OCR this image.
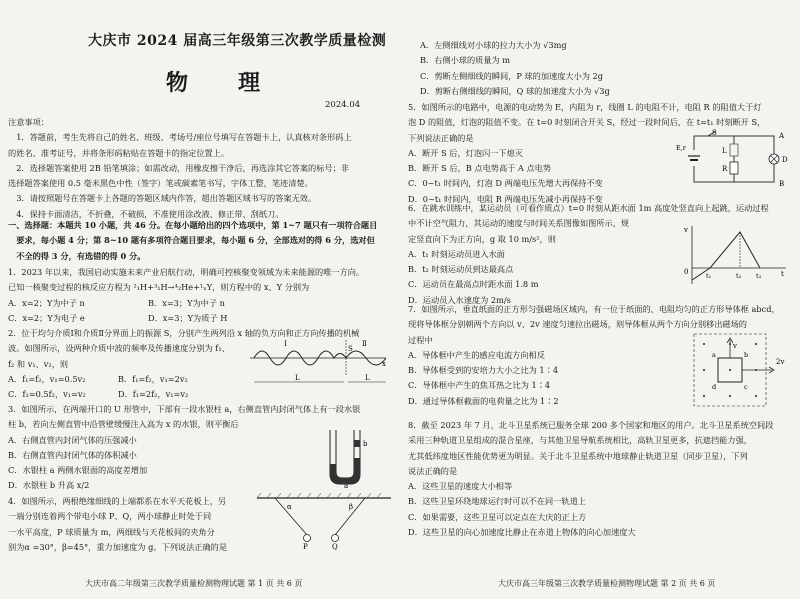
大庆市 2024 届高三年级第三次教学质量检测
物　理
2024.04
注意事项：
　1．答题前，考生先将自己的姓名、班级、考场号/座位号填写在答题卡上，认真核对条形码上
的姓名、准考证号，并将条形码粘贴在答题卡的指定位置上。
　2．选择题答案使用 2B 铅笔填涂；如需改动，用橡皮擦干净后，再选涂其它答案的标号；非
选择题答案使用 0.5 毫米黑色中性（签字）笔或碳素笔书写，字体工整，笔迹清楚。
　3．请按照题号在答题卡上各题的答题区域内作答，超出答题区域书写的答案无效。
　4．保持卡面清洁，不折叠，不破损，不准使用涂改液、修正带、刮纸刀。
一、选择题：本题共 10 小题，共 46 分。在每小题给出的四个选项中，第 1~7 题只有一项符合题目
　要求，每小题 4 分；第 8~10 题有多项符合题目要求，每小题 6 分，全部选对的得 6 分，选对但
　不全的得 3 分，有选错的得 0 分。
1．2023 年以来，我国启动实施未来产业启航行动，明确可控核聚变领域为未来能源的唯一方向。
已知一核聚变过程的核反应方程为 ²₁H+³₁H→⁴₂He+¹ₓY，则方程中的 x、Y 分别为
A．x=2；Y为中子 n	B．x=3；Y为中子 n
C．x=2；Y为电子 e	D．x=3；Y为质子 H
2．位于均匀介质Ⅰ和介质Ⅱ分界面上的振源 S，分别产生两列沿 x 轴的负方向和正方向传播的机械
波。如图所示，设两种介质中波的频率及传播速度分别为 f₁、
f₂ 和 v₁、v₂，则
A．f₁=f₂，v₁=0.5v₂	B．f₁=f₂，v₁=2v₂
C．f₁=0.5f₂，v₁=v₂	D．f₁=2f₂，v₁=v₂
Ⅰ	Ⅱ
S
x
L	L
3．如图所示，在两端开口的 U 形管中，下部有一段水银柱 a，右侧直管内封闭气体上有一段水银
柱 b，若向左侧直管中沿管壁缓慢注入高为 x 的水银，则平衡后
A．右侧直管内封闭气体的压强减小
B．右侧直管内封闭气体的体积减小
C．水银柱 a 两侧水银面的高度差增加
D．水银柱 b 升高 x/2
b
a
4．如图所示，两根绝缘细线的上端都系在水平天花板上，另
一端分别连着两个带电小球 P、Q，两小球静止时处于同
一水平高度，P 球质量为 m，两细线与天花板间的夹角分
别为α =30°，β=45°，重力加速度为 g。下列说法正确的是
α	β
P	Q
大庆市高二年级第三次教学质量检测物理试题 第 1 页 共 6 页
A．左侧细线对小球的拉力大小为 √3mg
B．右侧小球的质量为 m
C．剪断左侧细线的瞬间，P 球的加速度大小为 2g
D．剪断右侧细线的瞬间，Q 球的加速度大小为 √3g
5．如图所示的电路中，电源的电动势为 E，内阻为 r，线圈 L 的电阻不计，电阻 R 的阻值大于灯
泡 D 的阻值，灯泡的阻值不变。在 t=0 时刻闭合开关 S，经过一段时间后，在 t=t₁ 时刻断开 S，
下列说法正确的是
A．断开 S 后，灯泡闪一下熄灭
B．断开 S 后，B 点电势高于 A 点电势
C．0~t₁ 时间内，灯泡 D 两端电压先增大再保持不变
D．0~t₁ 时间内，电阻 R 两端电压先减小再保持不变
S
E,r	L
R
A
B
D
6．在跳水训练中，某运动员（可看作质点）t=0 时刻从距水面 1m 高度处竖直向上起跳，运动过程
中不计空气阻力，其运动的速度与时间关系图像如图所示，规
定竖直向下为正方向，g 取 10 m/s²，则
A．t₁ 时刻运动员进入水面
B．t₂ 时刻运动员到达最高点
C．运动员在最高点时距水面 1.8 m
D．运动员入水速度为 2m/s
v
0	t₁	t₂ t₃	t
7．如图所示，垂直纸面的正方形匀强磁场区域内，有一位于纸面的、电阻均匀的正方形导体框 abcd，
现将导体框分别朝两个方向以 v、2v 速度匀速拉出磁场，则导体框从两个方向分别移出磁场的
过程中
A．导体框中产生的感应电流方向相反
B．导体框受到的安培力大小之比为 1∶4
C．导体框中产生的焦耳热之比为 1∶4
D．通过导体框截面的电荷量之比为 1∶2
v
2v
a	b
c
d
8．截至 2023 年 7 月，北斗卫星系统已服务全球 200 多个国家和地区的用户。北斗卫星系统空间段
采用三种轨道卫星组成的混合星座，与其他卫星导航系统相比，高轨卫星更多，抗遮挡能力强，
尤其低纬度地区性能优势更为明显。关于北斗卫星系统中地球静止轨道卫星（同步卫星），下列
说法正确的是
A．这些卫星的速度大小相等
B．这些卫星环绕地球运行时可以不在同一轨道上
C．如果需要，这些卫星可以定点在大庆的正上方
D．这些卫星的向心加速度比静止在赤道上物体的向心加速度大
大庆市高三年级第三次教学质量检测物理试题 第 2 页 共 6 页
